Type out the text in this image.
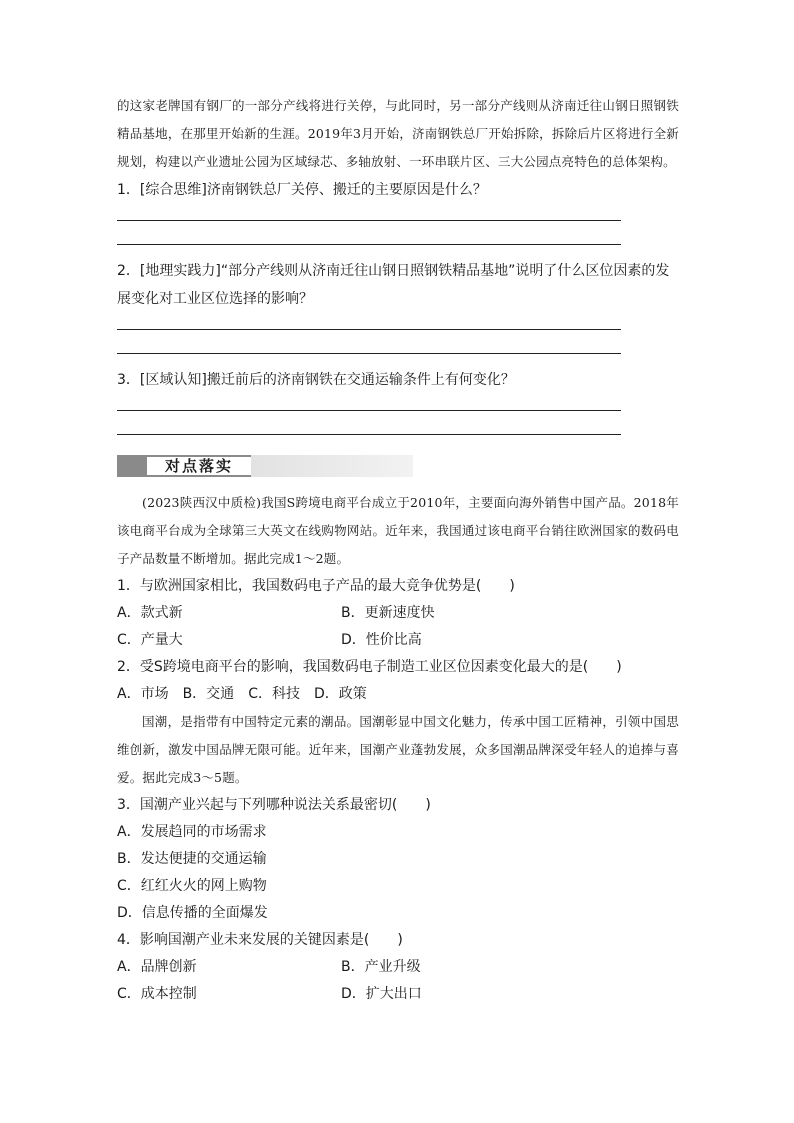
的这家老牌国有钢厂的一部分产线将进行关停，与此同时，另一部分产线则从济南迁往山钢日照钢铁精品基地，在那里开始新的生涯。2019年3月开始，济南钢铁总厂开始拆除，拆除后片区将进行全新规划，构建以产业遗址公园为区域绿芯、多轴放射、一环串联片区、三大公园点亮特色的总体架构。

1．[综合思维]济南钢铁总厂关停、搬迁的主要原因是什么？

2．[地理实践力]“部分产线则从济南迁往山钢日照钢铁精品基地”说明了什么区位因素的发展变化对工业区位选择的影响？

3．[区域认知]搬迁前后的济南钢铁在交通运输条件上有何变化？

对点落实

(2023陕西汉中质检)我国S跨境电商平台成立于2010年，主要面向海外销售中国产品。2018年该电商平台成为全球第三大英文在线购物网站。近年来，我国通过该电商平台销往欧洲国家的数码电子产品数量不断增加。据此完成1～2题。

1．与欧洲国家相比，我国数码电子产品的最大竞争优势是(　　)

A．款式新	B．更新速度快
C．产量大	D．性价比高

2．受S跨境电商平台的影响，我国数码电子制造工业区位因素变化最大的是(　　)

A．市场 B．交通 C．科技 D．政策

国潮，是指带有中国特定元素的潮品。国潮彰显中国文化魅力，传承中国工匠精神，引领中国思维创新，激发中国品牌无限可能。近年来，国潮产业蓬勃发展，众多国潮品牌深受年轻人的追捧与喜爱。据此完成3～5题。

3．国潮产业兴起与下列哪种说法关系最密切(　　)

A．发展趋同的市场需求

B．发达便捷的交通运输

C．红红火火的网上购物

D．信息传播的全面爆发

4．影响国潮产业未来发展的关键因素是(　　)

A．品牌创新	B．产业升级
C．成本控制	D．扩大出口
